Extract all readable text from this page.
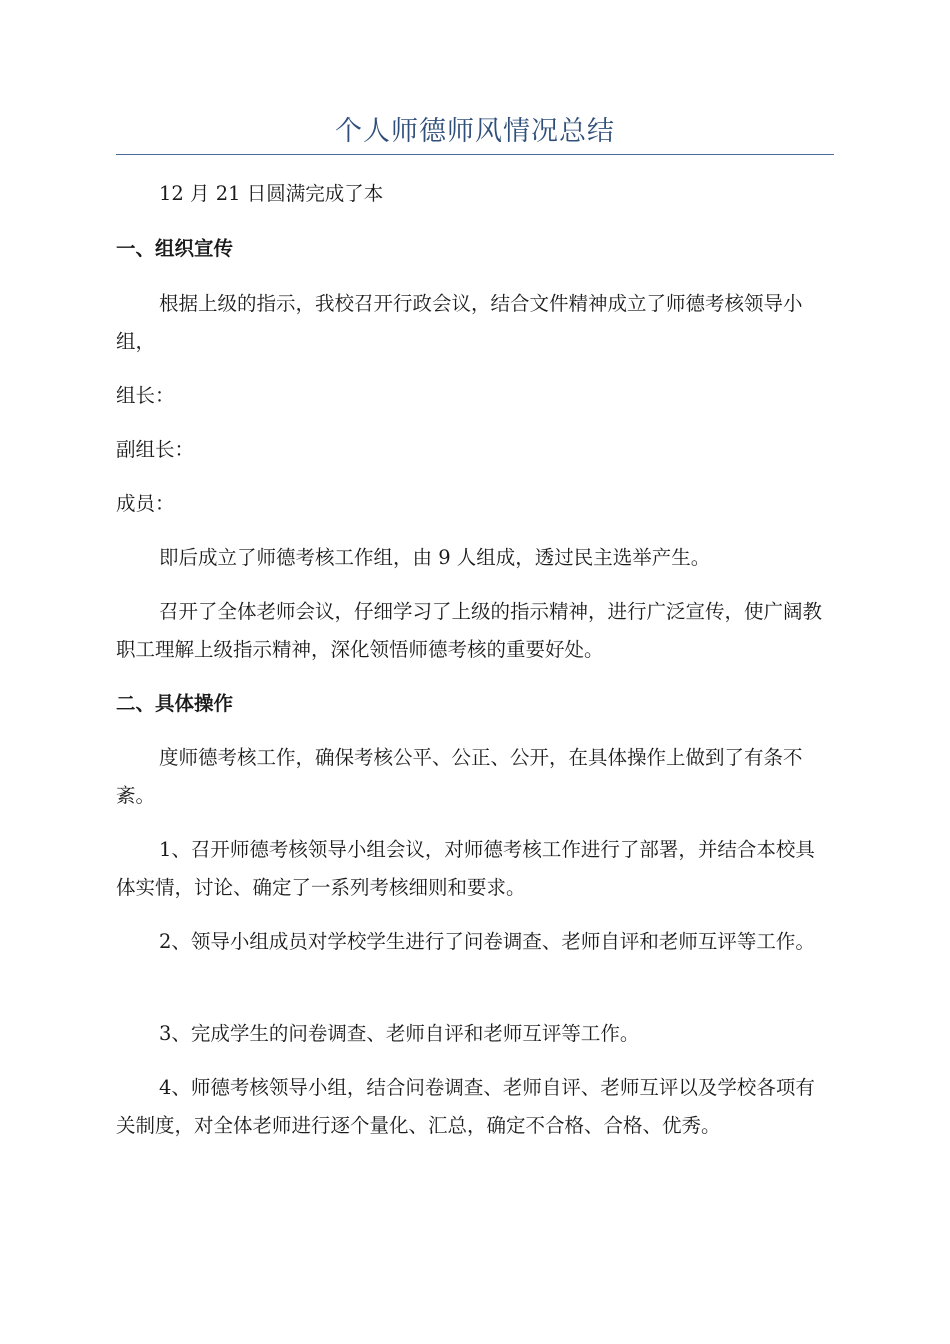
个人师德师风情况总结

12 月 21 日圆满完成了本

一、组织宣传

根据上级的指示，我校召开行政会议，结合文件精神成立了师德考核领导小组，

组长：

副组长：

成员：

即后成立了师德考核工作组，由 9 人组成，透过民主选举产生。

召开了全体老师会议，仔细学习了上级的指示精神，进行广泛宣传，使广阔教职工理解上级指示精神，深化领悟师德考核的重要好处。

二、具体操作

度师德考核工作，确保考核公平、公正、公开，在具体操作上做到了有条不紊。

1、召开师德考核领导小组会议，对师德考核工作进行了部署，并结合本校具体实情，讨论、确定了一系列考核细则和要求。

2、领导小组成员对学校学生进行了问卷调查、老师自评和老师互评等工作。

3、完成学生的问卷调查、老师自评和老师互评等工作。

4、师德考核领导小组，结合问卷调查、老师自评、老师互评以及学校各项有关制度，对全体老师进行逐个量化、汇总，确定不合格、合格、优秀。
